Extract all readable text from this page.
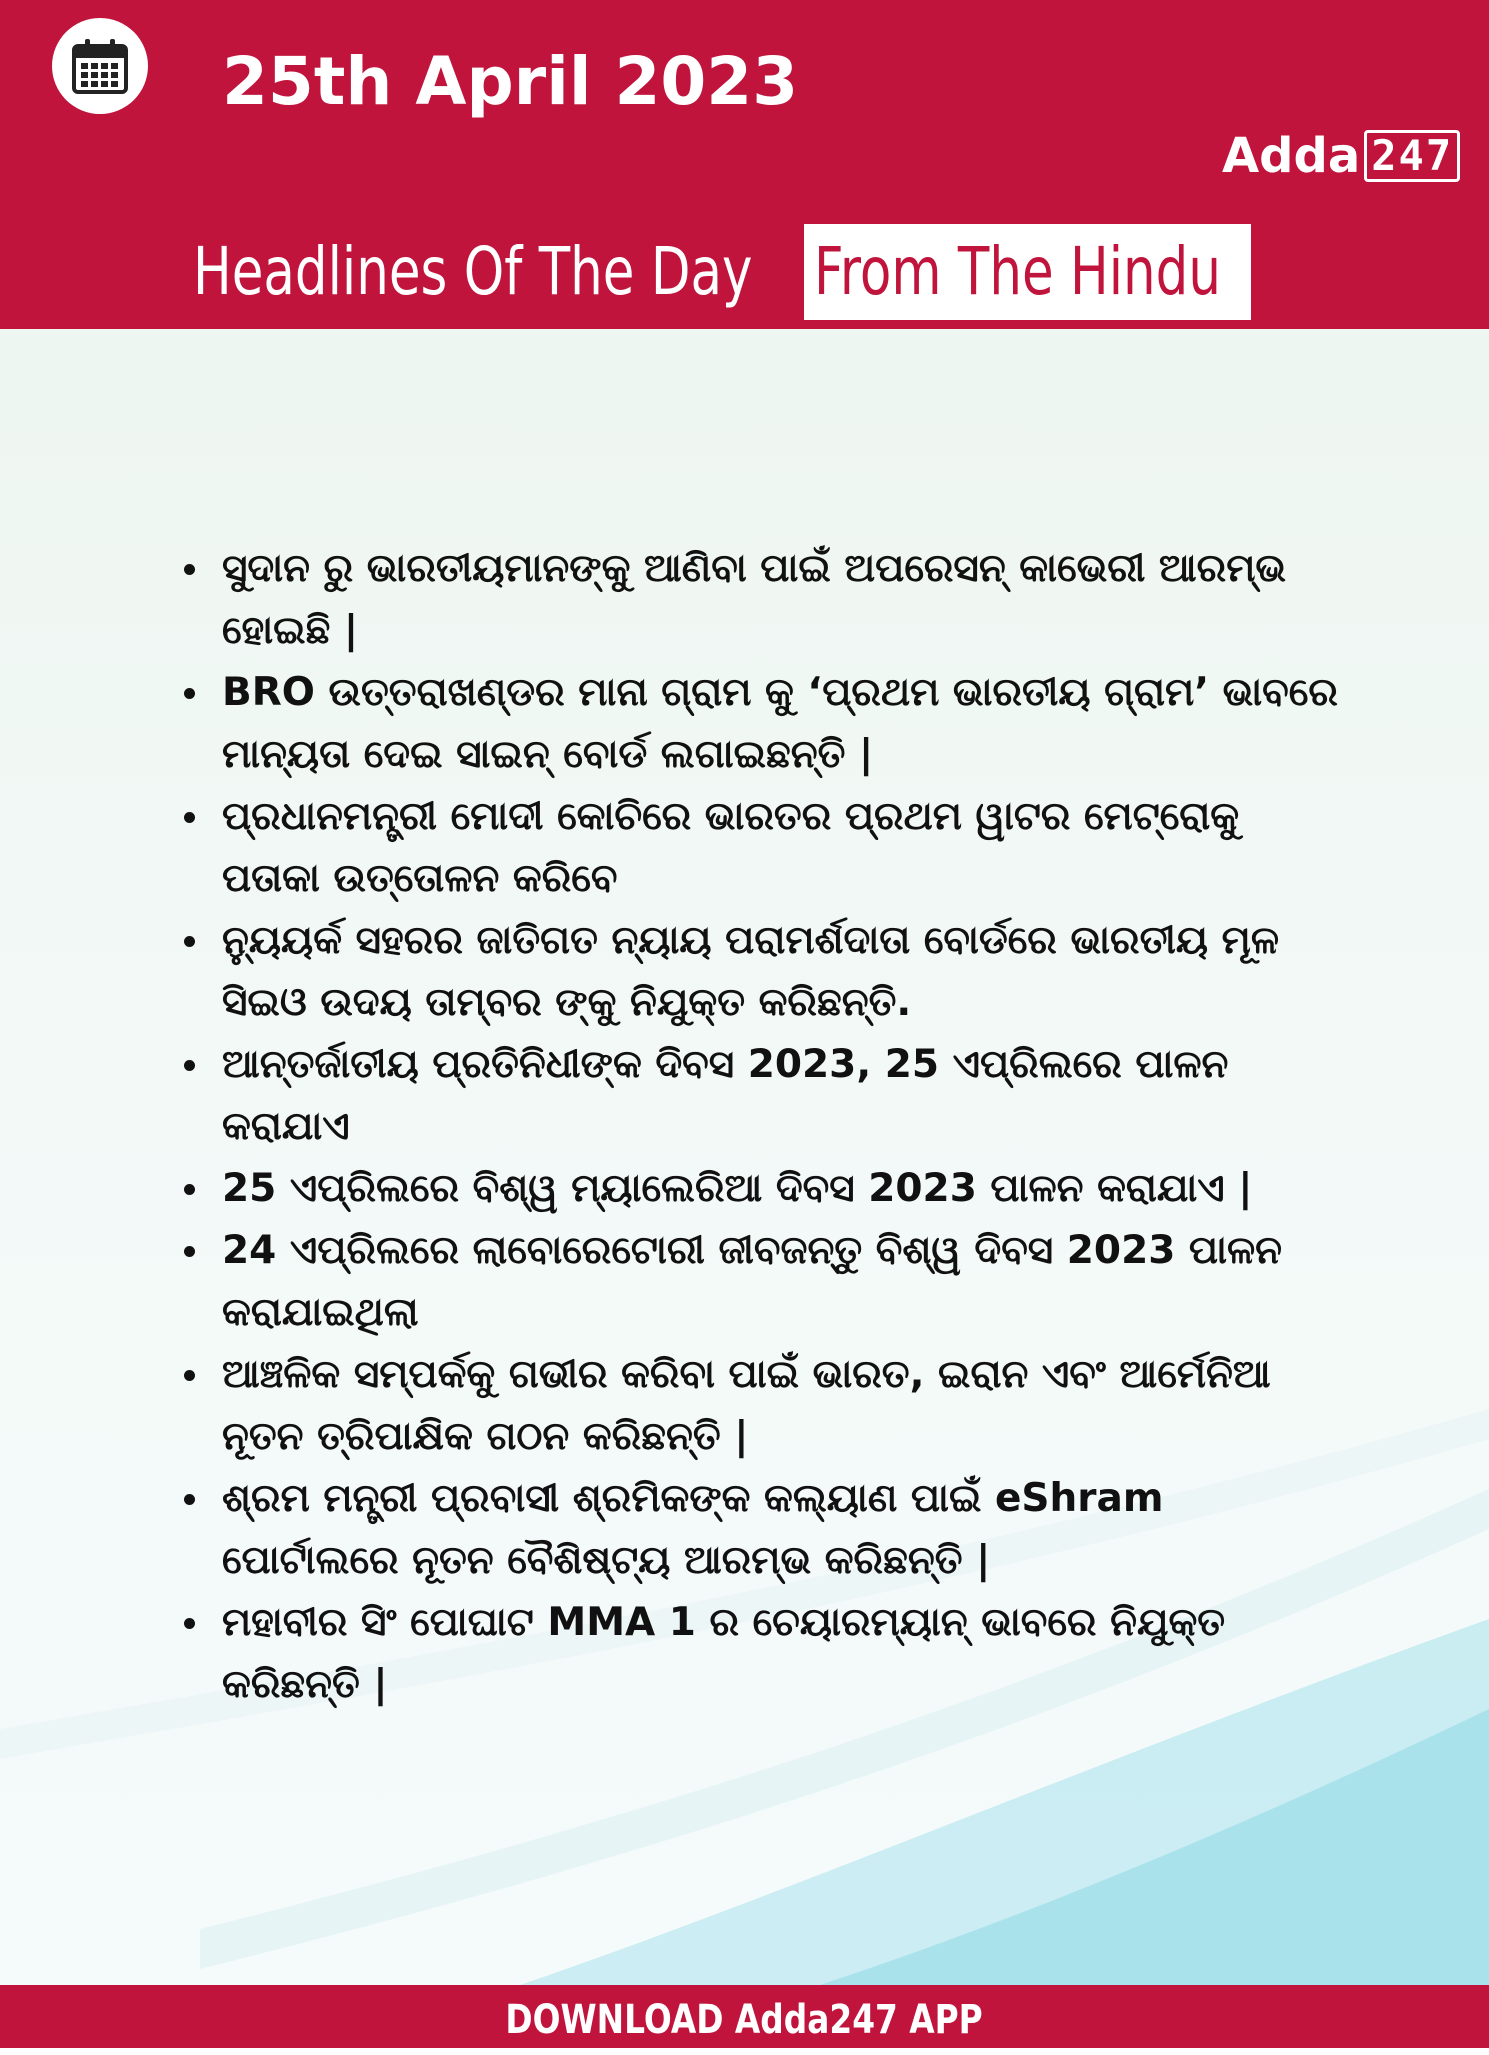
25th April 2023
Adda 247
Headlines Of The Day From The Hindu
ସୁଦାନ ରୁ ଭାରତୀୟମାନଙ୍କୁ ଆଣିବା ପାଇଁ ଅପରେସନ୍ କାଭେରୀ ଆରମ୍ଭ ହୋଇଛି |
BRO ଉତ୍ତରାଖଣ୍ଡର ମାନା ଗ୍ରାମ କୁ ‘ପ୍ରଥମ ଭାରତୀୟ ଗ୍ରାମ’ ଭାବରେ ମାନ୍ୟତା ଦେଇ ସାଇନ୍ ବୋର୍ଡ ଲଗାଇଛନ୍ତି |
ପ୍ରଧାନମନ୍ତ୍ରୀ ମୋଦୀ କୋଚିରେ ଭାରତର ପ୍ରଥମ ୱାଟର ମେଟ୍ରୋକୁ ପତାକା ଉତ୍ତୋଳନ କରିବେ
ନ୍ୟୁୟର୍କ ସହରର ଜାତିଗତ ନ୍ୟାୟ ପରାମର୍ଶଦାତା ବୋର୍ଡରେ ଭାରତୀୟ ମୂଳ ସିଇଓ ଉଦୟ ତାମ୍ବର ଙ୍କୁ ନିଯୁକ୍ତ କରିଛନ୍ତି.
ଆନ୍ତର୍ଜାତୀୟ ପ୍ରତିନିଧୀଙ୍କ ଦିବସ 2023, 25 ଏପ୍ରିଲରେ ପାଳନ କରାଯାଏ
25 ଏପ୍ରିଲରେ ବିଶ୍ୱ ମ୍ୟାଲେରିଆ ଦିବସ 2023 ପାଳନ କରାଯାଏ |
24 ଏପ୍ରିଲରେ ଲାବୋରେଟୋରୀ ଜୀବଜନ୍ତୁ ବିଶ୍ୱ ଦିବସ 2023 ପାଳନ କରାଯାଇଥିଲା
ଆଞ୍ଚଳିକ ସମ୍ପର୍କକୁ ଗଭୀର କରିବା ପାଇଁ ଭାରତ, ଇରାନ ଏବଂ ଆର୍ମେନିଆ ନୂତନ ତ୍ରିପାକ୍ଷିକ ଗଠନ କରିଛନ୍ତି |
ଶ୍ରମ ମନ୍ତ୍ରୀ ପ୍ରବାସୀ ଶ୍ରମିକଙ୍କ କଲ୍ୟାଣ ପାଇଁ eShram ପୋର୍ଟାଲରେ ନୂତନ ବୈଶିଷ୍ଟ୍ୟ ଆରମ୍ଭ କରିଛନ୍ତି |
ମହାବୀର ସିଂ ପୋଘାଟ MMA 1 ର ଚେୟାରମ୍ୟାନ୍ ଭାବରେ ନିଯୁକ୍ତ କରିଛନ୍ତି |
DOWNLOAD Adda247 APP
